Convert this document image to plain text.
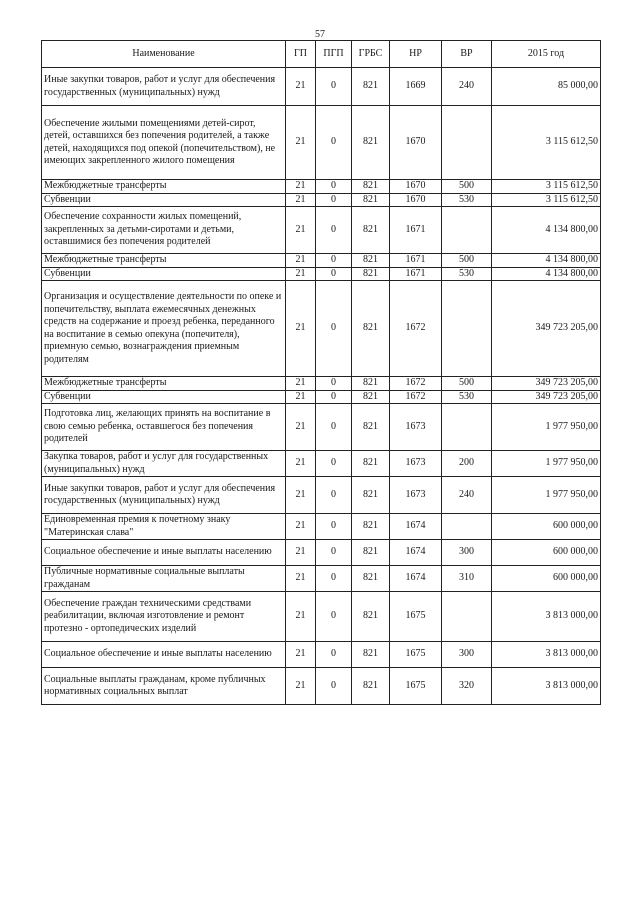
57
Наименование	ГП	ПГП	ГРБС	НР	ВР	2015 год
Иные закупки товаров, работ и услуг для обеспечения государственных (муниципальных) нужд	21	0	821	1669	240	85 000,00
Обеспечение жилыми помещениями детей-сирот, детей, оставшихся без попечения родителей, а также детей, находящихся под опекой (попечительством), не имеющих закрепленного жилого помещения	21	0	821	1670		3 115 612,50
Межбюджетные трансферты	21	0	821	1670	500	3 115 612,50
Субвенции	21	0	821	1670	530	3 115 612,50
Обеспечение сохранности жилых помещений, закрепленных за детьми-сиротами и детьми, оставшимися без попечения родителей	21	0	821	1671		4 134 800,00
Межбюджетные трансферты	21	0	821	1671	500	4 134 800,00
Субвенции	21	0	821	1671	530	4 134 800,00
Организация и осуществление деятельности по опеке и попечительству, выплата ежемесячных денежных средств на содержание и проезд ребенка, переданного на воспитание в семью опекуна (попечителя), приемную семью, вознаграждения приемным родителям	21	0	821	1672		349 723 205,00
Межбюджетные трансферты	21	0	821	1672	500	349 723 205,00
Субвенции	21	0	821	1672	530	349 723 205,00
Подготовка лиц, желающих принять на воспитание в свою семью ребенка, оставшегося без попечения родителей	21	0	821	1673		1 977 950,00
Закупка товаров, работ и услуг для государственных (муниципальных) нужд	21	0	821	1673	200	1 977 950,00
Иные закупки товаров, работ и услуг для обеспечения государственных (муниципальных) нужд	21	0	821	1673	240	1 977 950,00
Единовременная премия к почетному знаку "Материнская слава"	21	0	821	1674		600 000,00
Социальное обеспечение и иные выплаты населению	21	0	821	1674	300	600 000,00
Публичные нормативные социальные выплаты гражданам	21	0	821	1674	310	600 000,00
Обеспечение граждан техническими средствами реабилитации, включая изготовление и ремонт протезно - ортопедических изделий	21	0	821	1675		3 813 000,00
Социальное обеспечение и иные выплаты населению	21	0	821	1675	300	3 813 000,00
Социальные выплаты гражданам, кроме публичных нормативных социальных выплат	21	0	821	1675	320	3 813 000,00
